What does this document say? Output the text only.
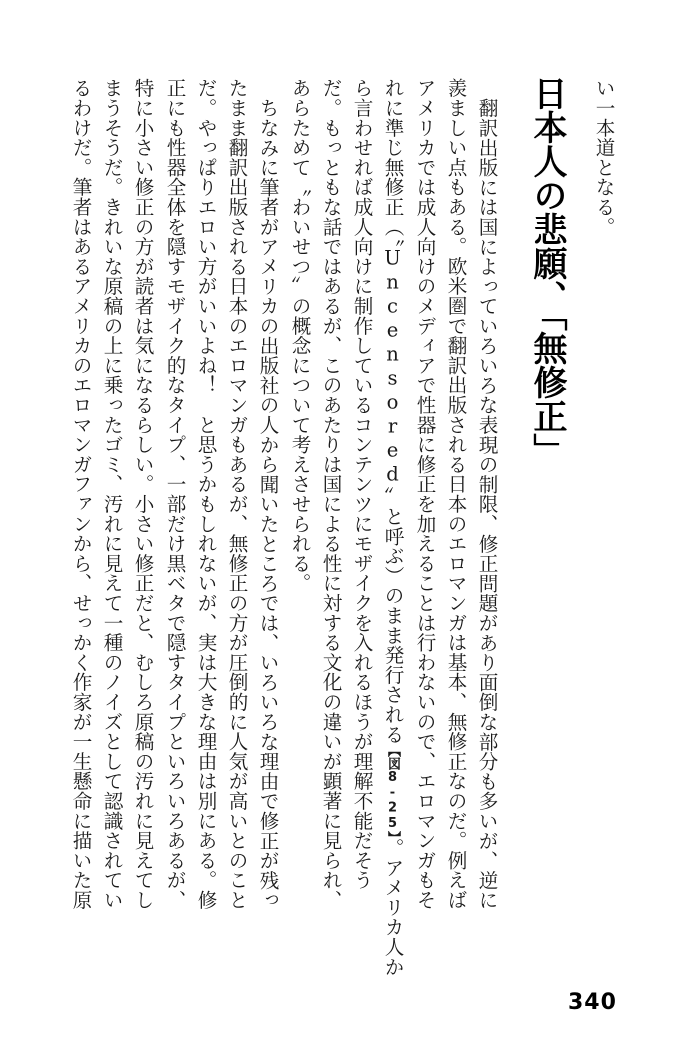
い一本道となる。
日本人の悲願、「無修正」
翻訳出版には国によっていろいろな表現の制限、修正問題があり面倒な部分も多いが、逆に
羨ましい点もある。欧米圏で翻訳出版される日本のエロマンガは基本、無修正なのだ。例えば
アメリカでは成人向けのメディアで性器に修正を加えることは行わないので、エロマンガもそ
れに準じ無修正（〝Uncensored〟と呼ぶ）のまま発行される【図8-25】。アメリカ人か
ら言わせれば成人向けに制作しているコンテンツにモザイクを入れるほうが理解不能だそう
だ。もっともな話ではあるが、このあたりは国による性に対する文化の違いが顕著に見られ、
あらためて〝わいせつ〟の概念について考えさせられる。
ちなみに筆者がアメリカの出版社の人から聞いたところでは、いろいろな理由で修正が残っ
たまま翻訳出版される日本のエロマンガもあるが、無修正の方が圧倒的に人気が高いとのこと
だ。やっぱりエロい方がいいよね！　と思うかもしれないが、実は大きな理由は別にある。修
正にも性器全体を隠すモザイク的なタイプ、一部だけ黒ベタで隠すタイプといろいろあるが、
特に小さい修正の方が読者は気になるらしい。小さい修正だと、むしろ原稿の汚れに見えてし
まうそうだ。きれいな原稿の上に乗ったゴミ、汚れに見えて一種のノイズとして認識されてい
るわけだ。筆者はあるアメリカのエロマンガファンから、せっかく作家が一生懸命に描いた原
340
